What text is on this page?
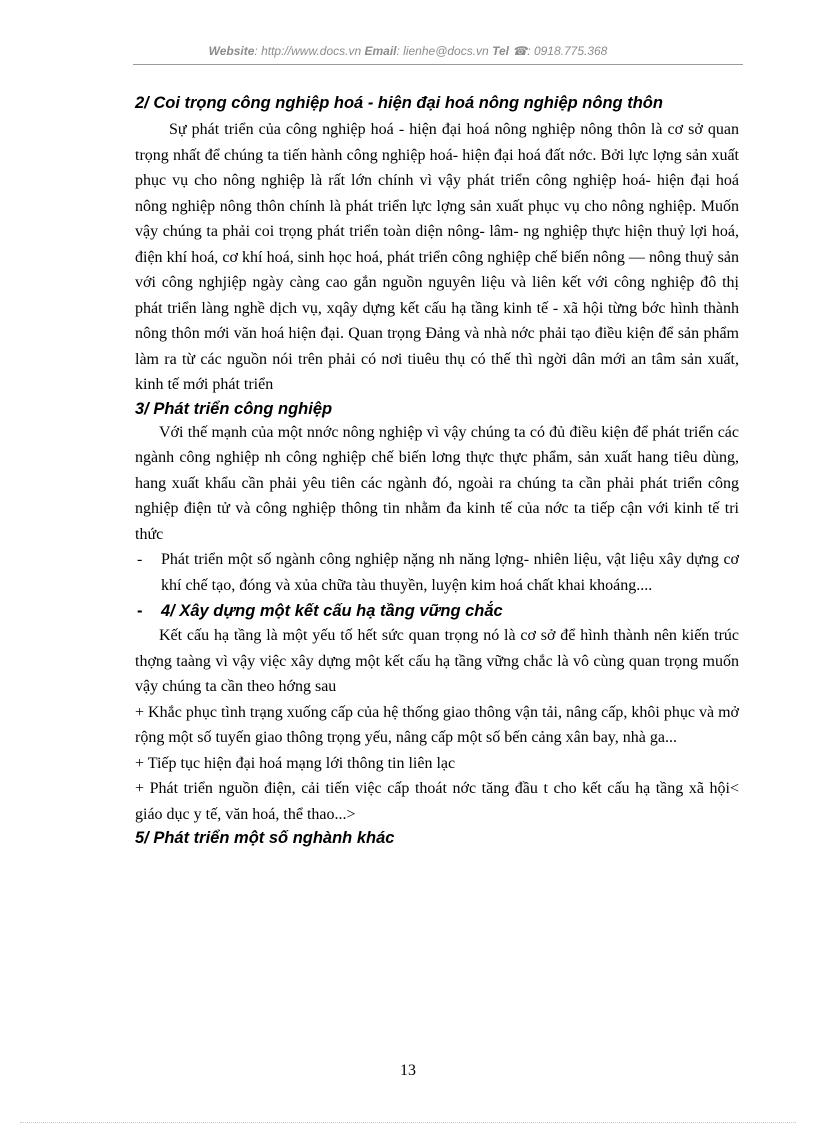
Website: http://www.docs.vn Email: lienhe@docs.vn Tel ☎: 0918.775.368
2/ Coi trọng công nghiệp hoá - hiện đại hoá nông nghiệp nông thôn

Sự phát triển của công nghiệp hoá - hiện đại hoá nông nghiệp nông thôn là cơ sở quan trọng nhất để chúng ta tiến hành công nghiệp hoá- hiện đại hoá đất nớc. Bởi lực lợng sản xuất phục vụ cho nông nghiệp là rất lớn chính vì vậy phát triển công nghiệp hoá- hiện đại hoá nông nghiệp nông thôn chính là phát triển lực lợng sản xuất phục vụ cho nông nghiệp. Muốn vậy chúng ta phải coi trọng phát triển toàn diện nông- lâm- ng nghiệp thực hiện thuỷ lợi hoá, điện khí hoá, cơ khí hoá, sinh học hoá, phát triển công nghiệp chế biến nông — nông thuỷ sản với công nghjiệp ngày càng cao gắn nguồn nguyên liệu và liên kết với công nghiệp đô thị phát triển làng nghề dịch vụ, xqây dựng kết cấu hạ tầng kinh tế - xã hội từng bớc hình thành nông thôn mới văn hoá hiện đại. Quan trọng Đảng và nhà nớc phải tạo điều kiện để sản phẩm làm ra từ các nguồn nói trên phải có nơi tiuêu thụ có thế thì ngời dân mới an tâm sản xuất, kinh tế mới phát triển

3/ Phát triển công nghiệp

Với thế mạnh của một nnớc nông nghiệp vì vậy chúng ta có đủ điều kiện để phát triển các ngành công nghiệp nh công nghiệp chế biến lơng thực thực phẩm, sản xuất hang tiêu dùng, hang xuất khẩu cần phải yêu tiên các ngành đó, ngoài ra chúng ta cần phải phát triển công nghiệp điện tử và công nghiệp thông tin nhằm đa kinh tế của nớc ta tiếp cận với kinh tế tri thức

- Phát triển một số ngành công nghiệp nặng nh năng lợng- nhiên liệu, vật liệu xây dựng cơ khí chế tạo, đóng và xủa chữa tàu thuyền, luyện kim hoá chất khai khoáng....
- 4/ Xây dựng một kết cấu hạ tầng vững chắc

Kết cấu hạ tầng là một yếu tố hết sức quan trọng nó là cơ sở để hình thành nên kiến trúc thợng taàng vì vậy việc xây dựng một kết cấu hạ tầng vững chắc là vô cùng quan trọng muốn vậy chúng ta cần theo hớng sau

+ Khắc phục tình trạng xuống cấp của hệ thống giao thông vận tải, nâng cấp, khôi phục và mở rộng một số tuyến giao thông trọng yếu, nâng cấp một số bến cảng xân bay, nhà ga...

+ Tiếp tục hiện đại hoá mạng lới thông tin liên lạc

+ Phát triển nguồn điện, cải tiến việc cấp thoát nớc tăng đầu t cho kết cấu hạ tầng xã hội< giáo dục y tế, văn hoá, thể thao...>

5/ Phát triển một số nghành khác
13
